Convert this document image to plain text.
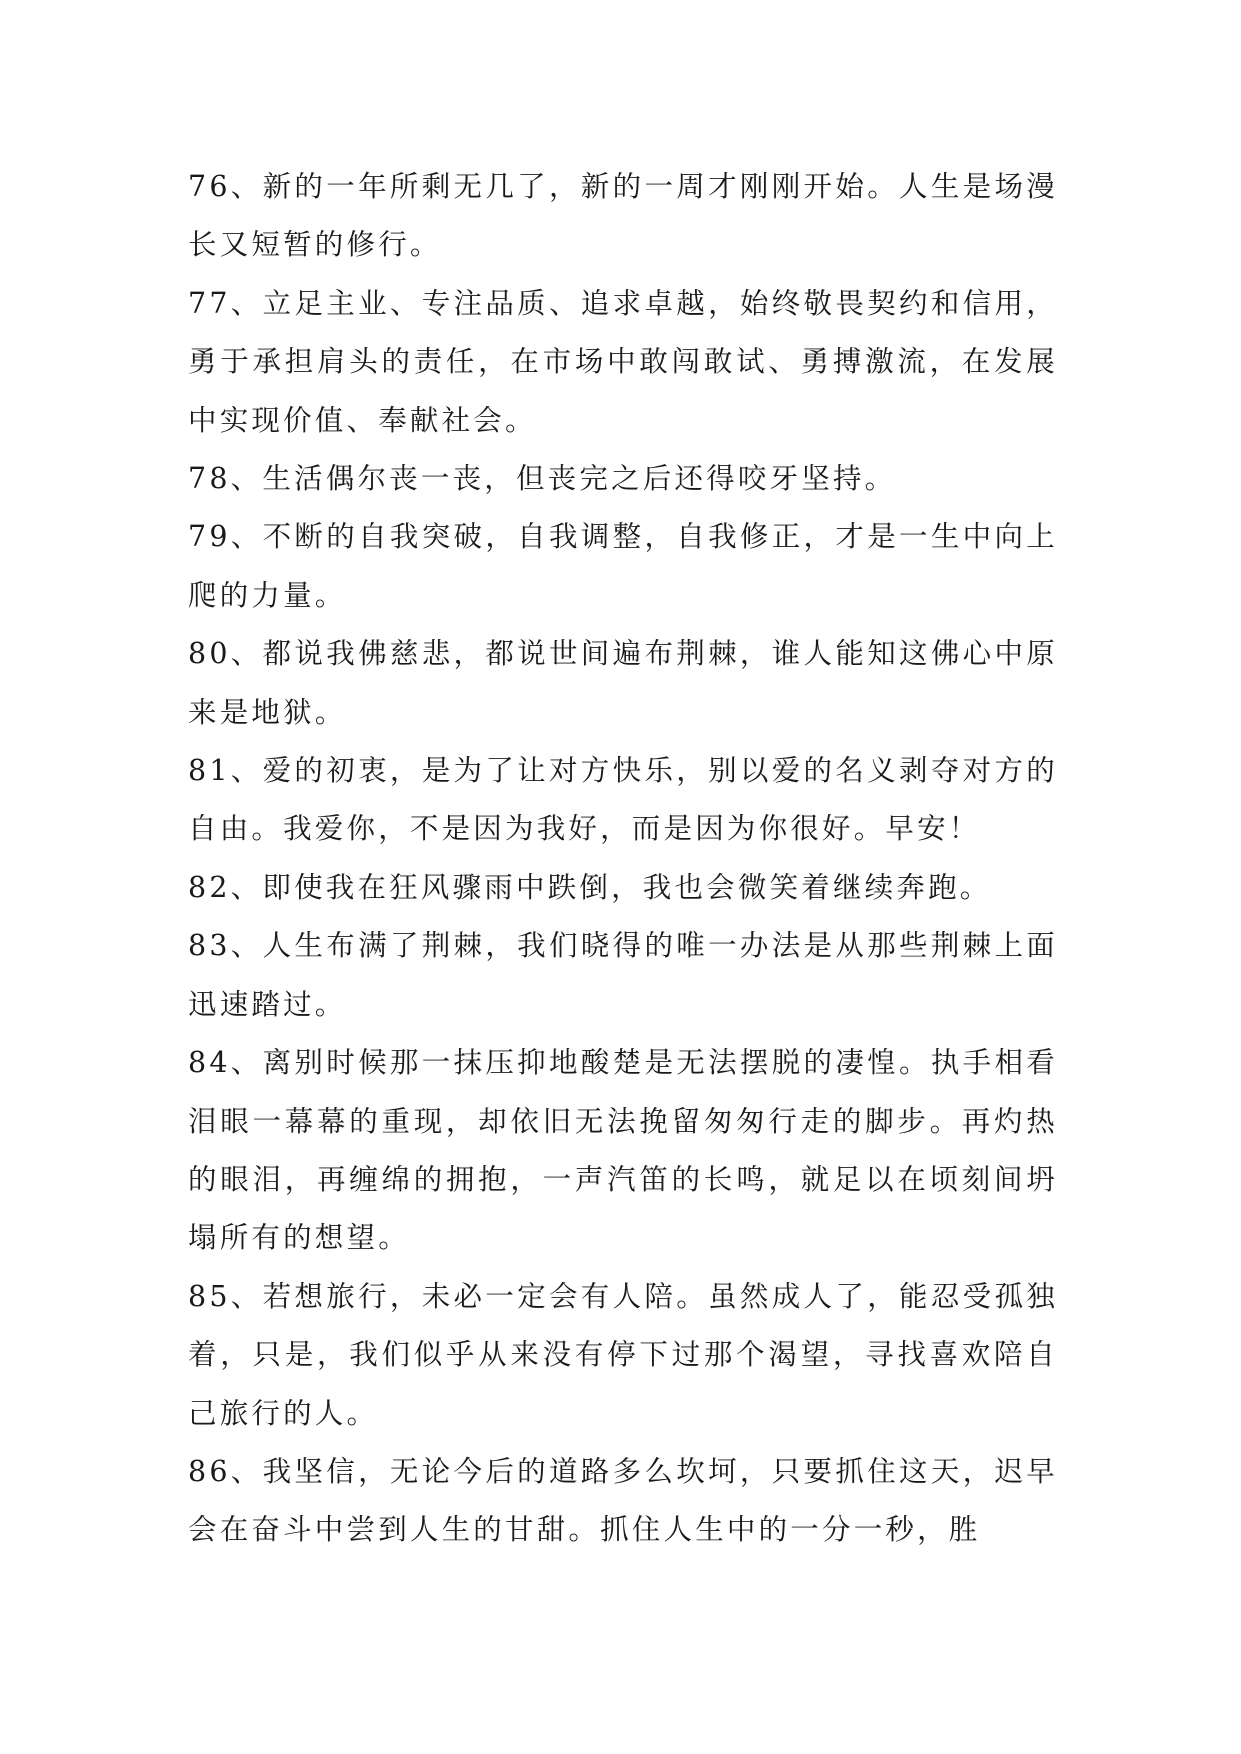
76、新的一年所剩无几了，新的一周才刚刚开始。人生是场漫长又短暂的修行。

77、立足主业、专注品质、追求卓越，始终敬畏契约和信用，勇于承担肩头的责任，在市场中敢闯敢试、勇搏激流，在发展中实现价值、奉献社会。

78、生活偶尔丧一丧，但丧完之后还得咬牙坚持。

79、不断的自我突破，自我调整，自我修正，才是一生中向上爬的力量。

80、都说我佛慈悲，都说世间遍布荆棘，谁人能知这佛心中原来是地狱。

81、爱的初衷，是为了让对方快乐，别以爱的名义剥夺对方的自由。我爱你，不是因为我好，而是因为你很好。早安！

82、即使我在狂风骤雨中跌倒，我也会微笑着继续奔跑。

83、人生布满了荆棘，我们晓得的唯一办法是从那些荆棘上面迅速踏过。

84、离别时候那一抹压抑地酸楚是无法摆脱的凄惶。执手相看泪眼一幕幕的重现，却依旧无法挽留匆匆行走的脚步。再灼热的眼泪，再缠绵的拥抱，一声汽笛的长鸣，就足以在顷刻间坍塌所有的想望。

85、若想旅行，未必一定会有人陪。虽然成人了，能忍受孤独着，只是，我们似乎从来没有停下过那个渴望，寻找喜欢陪自己旅行的人。

86、我坚信，无论今后的道路多么坎坷，只要抓住这天，迟早会在奋斗中尝到人生的甘甜。抓住人生中的一分一秒，胜
